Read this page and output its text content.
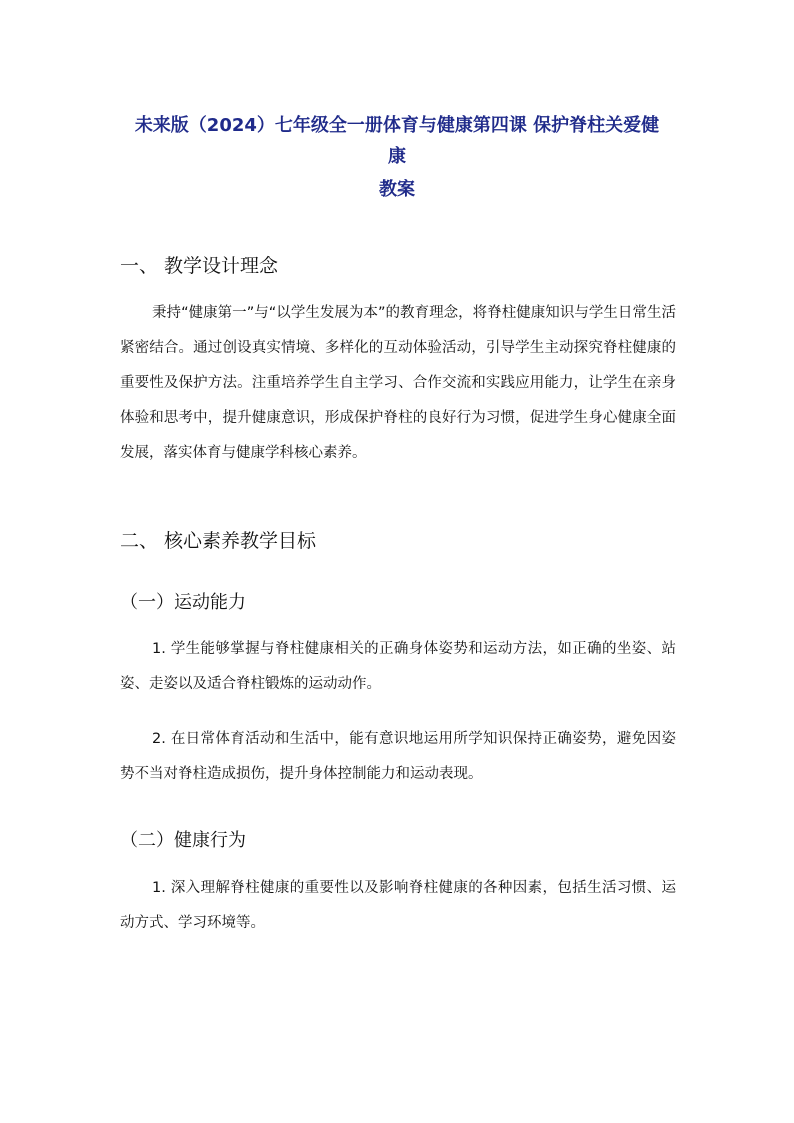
未来版（2024）七年级全一册体育与健康第四课 保护脊柱关爱健
康
教案
一、 教学设计理念
秉持“健康第一”与“以学生发展为本”的教育理念，将脊柱健康知识与学生日常生活紧密结合。通过创设真实情境、多样化的互动体验活动，引导学生主动探究脊柱健康的重要性及保护方法。注重培养学生自主学习、合作交流和实践应用能力，让学生在亲身体验和思考中，提升健康意识，形成保护脊柱的良好行为习惯，促进学生身心健康全面发展，落实体育与健康学科核心素养。
二、 核心素养教学目标
（一）运动能力
1. 学生能够掌握与脊柱健康相关的正确身体姿势和运动方法，如正确的坐姿、站姿、走姿以及适合脊柱锻炼的运动动作。
2. 在日常体育活动和生活中，能有意识地运用所学知识保持正确姿势，避免因姿势不当对脊柱造成损伤，提升身体控制能力和运动表现。
（二）健康行为
1. 深入理解脊柱健康的重要性以及影响脊柱健康的各种因素，包括生活习惯、运动方式、学习环境等。
